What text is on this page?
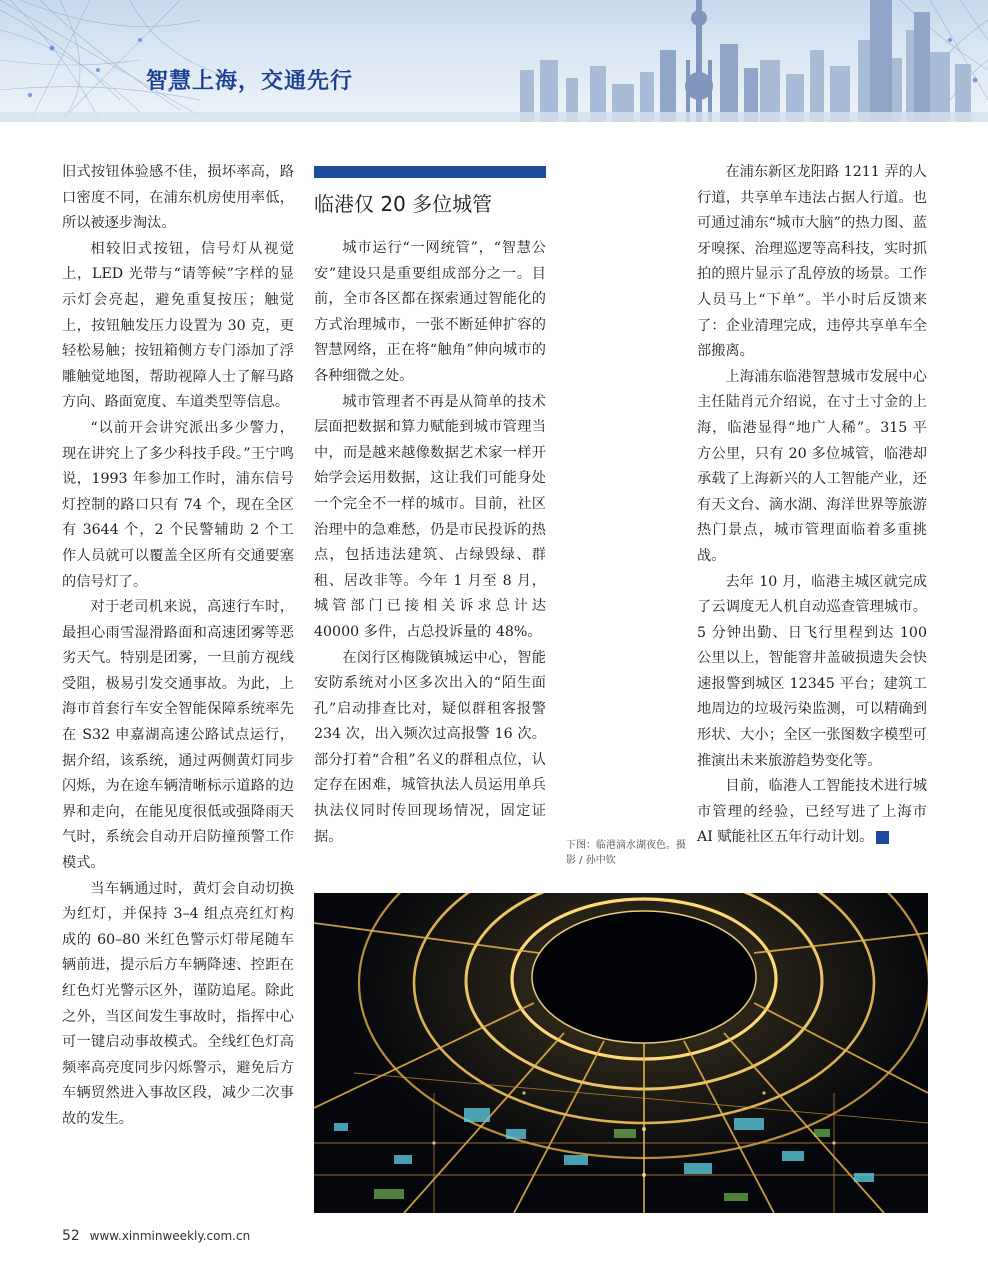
智慧上海，交通先行

旧式按钮体验感不佳，损坏率高，路口密度不同，在浦东机房使用率低，所以被逐步淘汰。

相较旧式按钮，信号灯从视觉上，LED 光带与“请等候”字样的显示灯会亮起，避免重复按压；触觉上，按钮触发压力设置为 30 克，更轻松易触；按钮箱侧方专门添加了浮雕触觉地图，帮助视障人士了解马路方向、路面宽度、车道类型等信息。

“以前开会讲究派出多少警力，现在讲究上了多少科技手段。”王宁鸣说，1993 年参加工作时，浦东信号灯控制的路口只有 74 个，现在全区有 3644 个，2 个民警辅助 2 个工作人员就可以覆盖全区所有交通要塞的信号灯了。

对于老司机来说，高速行车时，最担心雨雪湿滑路面和高速团雾等恶劣天气。特别是团雾，一旦前方视线受阻，极易引发交通事故。为此，上海市首套行车安全智能保障系统率先在 S32 申嘉湖高速公路试点运行，据介绍，该系统，通过两侧黄灯同步闪烁，为在途车辆清晰标示道路的边界和走向，在能见度很低或强降雨天气时，系统会自动开启防撞预警工作模式。

当车辆通过时，黄灯会自动切换为红灯，并保持 3–4 组点亮红灯构成的 60–80 米红色警示灯带尾随车辆前进，提示后方车辆降速、控距在红色灯光警示区外，谨防追尾。除此之外，当区间发生事故时，指挥中心可一键启动事故模式。全线红色灯高频率高亮度同步闪烁警示，避免后方车辆贸然进入事故区段，减少二次事故的发生。

临港仅 20 多位城管

城市运行“一网统管”，“智慧公安”建设只是重要组成部分之一。目前，全市各区都在探索通过智能化的方式治理城市，一张不断延伸扩容的智慧网络，正在将“触角”伸向城市的各种细微之处。

城市管理者不再是从简单的技术层面把数据和算力赋能到城市管理当中，而是越来越像数据艺术家一样开始学会运用数据，这让我们可能身处一个完全不一样的城市。目前，社区治理中的急难愁，仍是市民投诉的热点，包括违法建筑、占绿毁绿、群租、居改非等。今年 1 月至 8 月，城管部门已接相关诉求总计达 40000 多件，占总投诉量的 48%。

在闵行区梅陇镇城运中心，智能安防系统对小区多次出入的“陌生面孔”启动排查比对，疑似群租客报警 234 次，出入频次过高报警 16 次。部分打着“合租”名义的群租点位，认定存在困难，城管执法人员运用单兵执法仪同时传回现场情况，固定证据。

下图：临港滴水湖夜色。摄影 / 孙中钦

在浦东新区龙阳路 1211 弄的人行道，共享单车违法占据人行道。也可通过浦东“城市大脑”的热力图、蓝牙嗅探、治理巡逻等高科技，实时抓拍的照片显示了乱停放的场景。工作人员马上“下单”。半小时后反馈来了：企业清理完成，违停共享单车全部搬离。

上海浦东临港智慧城市发展中心主任陆肖元介绍说，在寸土寸金的上海，临港显得“地广人稀”。315 平方公里，只有 20 多位城管，临港却承载了上海新兴的人工智能产业，还有天文台、滴水湖、海洋世界等旅游热门景点，城市管理面临着多重挑战。

去年 10 月，临港主城区就完成了云调度无人机自动巡查管理城市。5 分钟出勤、日飞行里程到达 100 公里以上，智能窨井盖破损遗失会快速报警到城区 12345 平台；建筑工地周边的垃圾污染监测，可以精确到形状、大小；全区一张图数字模型可推演出未来旅游趋势变化等。

目前，临港人工智能技术进行城市管理的经验，已经写进了上海市 AI 赋能社区五年行动计划。	民

52 www.xinminweekly.com.cn
